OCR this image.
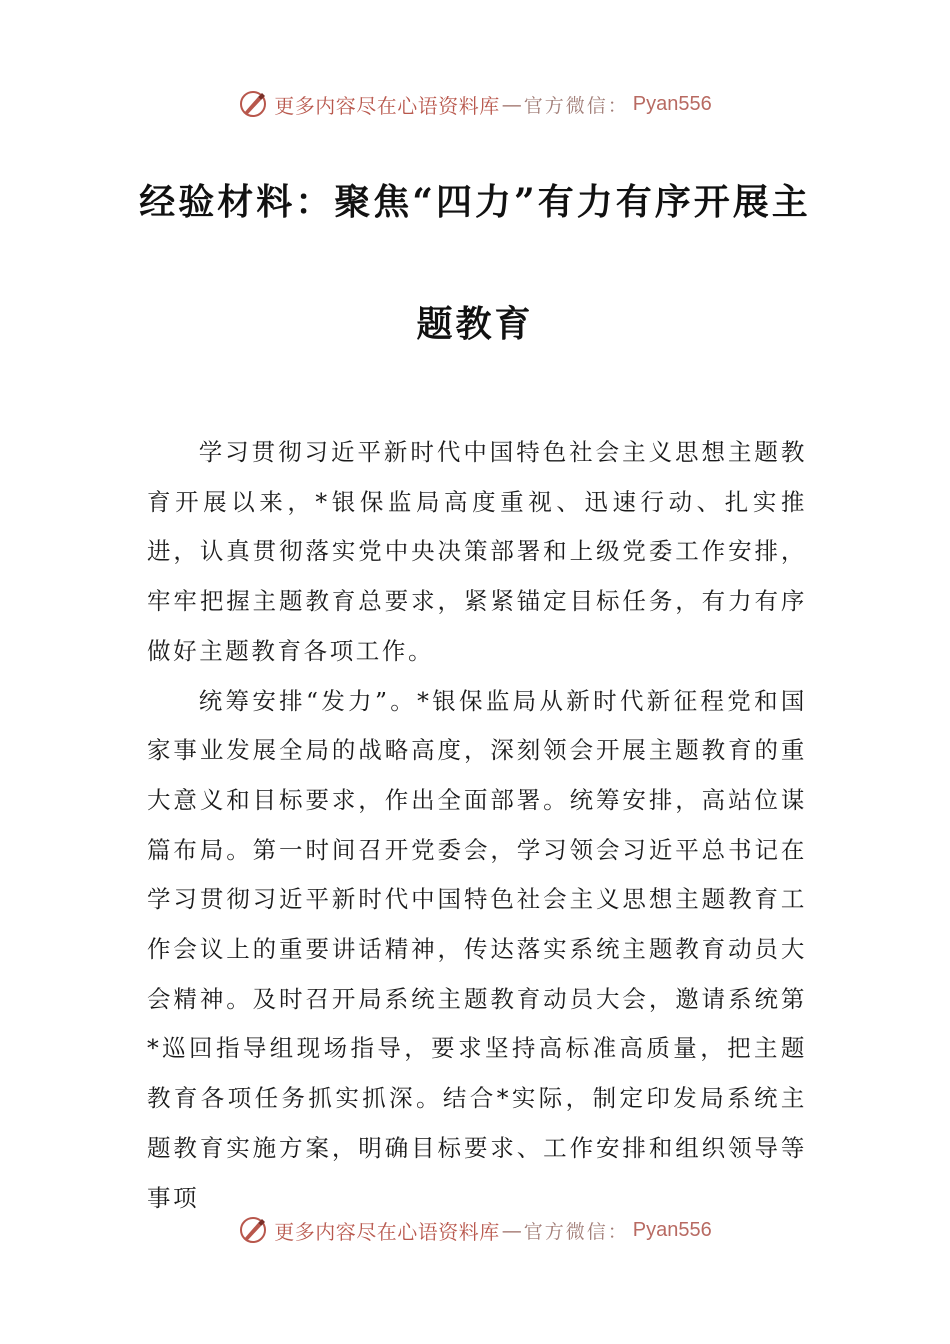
更多内容尽在心语资料库 — 官方微信： Pyan556
经验材料：聚焦“四力”有力有序开展主
题教育

学习贯彻习近平新时代中国特色社会主义思想主题教育开展以来，*银保监局高度重视、迅速行动、扎实推进，认真贯彻落实党中央决策部署和上级党委工作安排，牢牢把握主题教育总要求，紧紧锚定目标任务，有力有序做好主题教育各项工作。

统筹安排“发力”。*银保监局从新时代新征程党和国家事业发展全局的战略高度，深刻领会开展主题教育的重大意义和目标要求，作出全面部署。统筹安排，高站位谋篇布局。第一时间召开党委会，学习领会习近平总书记在学习贯彻习近平新时代中国特色社会主义思想主题教育工作会议上的重要讲话精神，传达落实系统主题教育动员大会精神。及时召开局系统主题教育动员大会，邀请系统第*巡回指导组现场指导，要求坚持高标准高质量，把主题教育各项任务抓实抓深。结合*实际，制定印发局系统主题教育实施方案，明确目标要求、工作安排和组织领导等事项

更多内容尽在心语资料库 — 官方微信： Pyan556
